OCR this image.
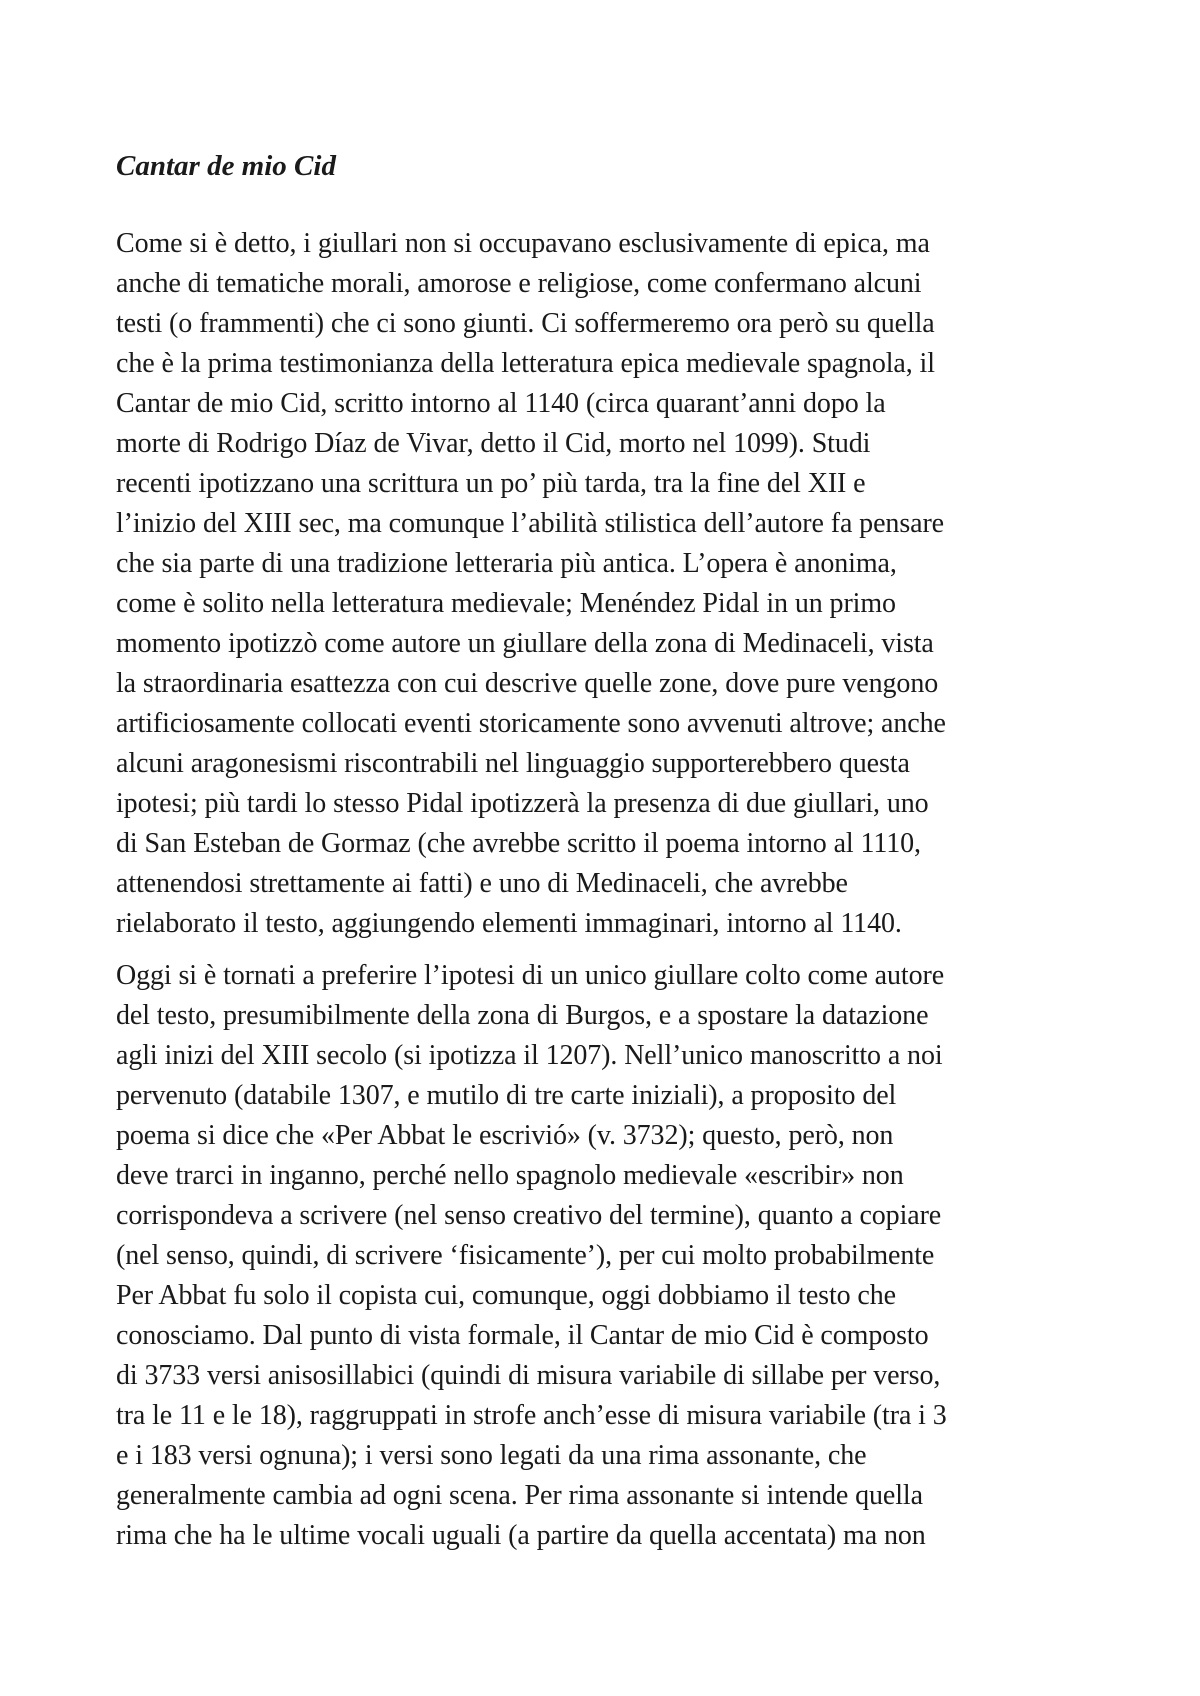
Cantar de mio Cid

Come si è detto, i giullari non si occupavano esclusivamente di epica, ma
anche di tematiche morali, amorose e religiose, come confermano alcuni
testi (o frammenti) che ci sono giunti. Ci soffermeremo ora però su quella
che è la prima testimonianza della letteratura epica medievale spagnola, il
Cantar de mio Cid, scritto intorno al 1140 (circa quarant’anni dopo la
morte di Rodrigo Díaz de Vivar, detto il Cid, morto nel 1099). Studi
recenti ipotizzano una scrittura un po’ più tarda, tra la fine del XII e
l’inizio del XIII sec, ma comunque l’abilità stilistica dell’autore fa pensare
che sia parte di una tradizione letteraria più antica. L’opera è anonima,
come è solito nella letteratura medievale; Menéndez Pidal in un primo
momento ipotizzò come autore un giullare della zona di Medinaceli, vista
la straordinaria esattezza con cui descrive quelle zone, dove pure vengono
artificiosamente collocati eventi storicamente sono avvenuti altrove; anche
alcuni aragonesismi riscontrabili nel linguaggio supporterebbero questa
ipotesi; più tardi lo stesso Pidal ipotizzerà la presenza di due giullari, uno
di San Esteban de Gormaz (che avrebbe scritto il poema intorno al 1110,
attenendosi strettamente ai fatti) e uno di Medinaceli, che avrebbe
rielaborato il testo, aggiungendo elementi immaginari, intorno al 1140.

Oggi si è tornati a preferire l’ipotesi di un unico giullare colto come autore
del testo, presumibilmente della zona di Burgos, e a spostare la datazione
agli inizi del XIII secolo (si ipotizza il 1207). Nell’unico manoscritto a noi
pervenuto (databile 1307, e mutilo di tre carte iniziali), a proposito del
poema si dice che «Per Abbat le escrivió» (v. 3732); questo, però, non
deve trarci in inganno, perché nello spagnolo medievale «escribir» non
corrispondeva a scrivere (nel senso creativo del termine), quanto a copiare
(nel senso, quindi, di scrivere ‘fisicamente’), per cui molto probabilmente
Per Abbat fu solo il copista cui, comunque, oggi dobbiamo il testo che
conosciamo. Dal punto di vista formale, il Cantar de mio Cid è composto
di 3733 versi anisosillabici (quindi di misura variabile di sillabe per verso,
tra le 11 e le 18), raggruppati in strofe anch’esse di misura variabile (tra i 3
e i 183 versi ognuna); i versi sono legati da una rima assonante, che
generalmente cambia ad ogni scena. Per rima assonante si intende quella
rima che ha le ultime vocali uguali (a partire da quella accentata) ma non
